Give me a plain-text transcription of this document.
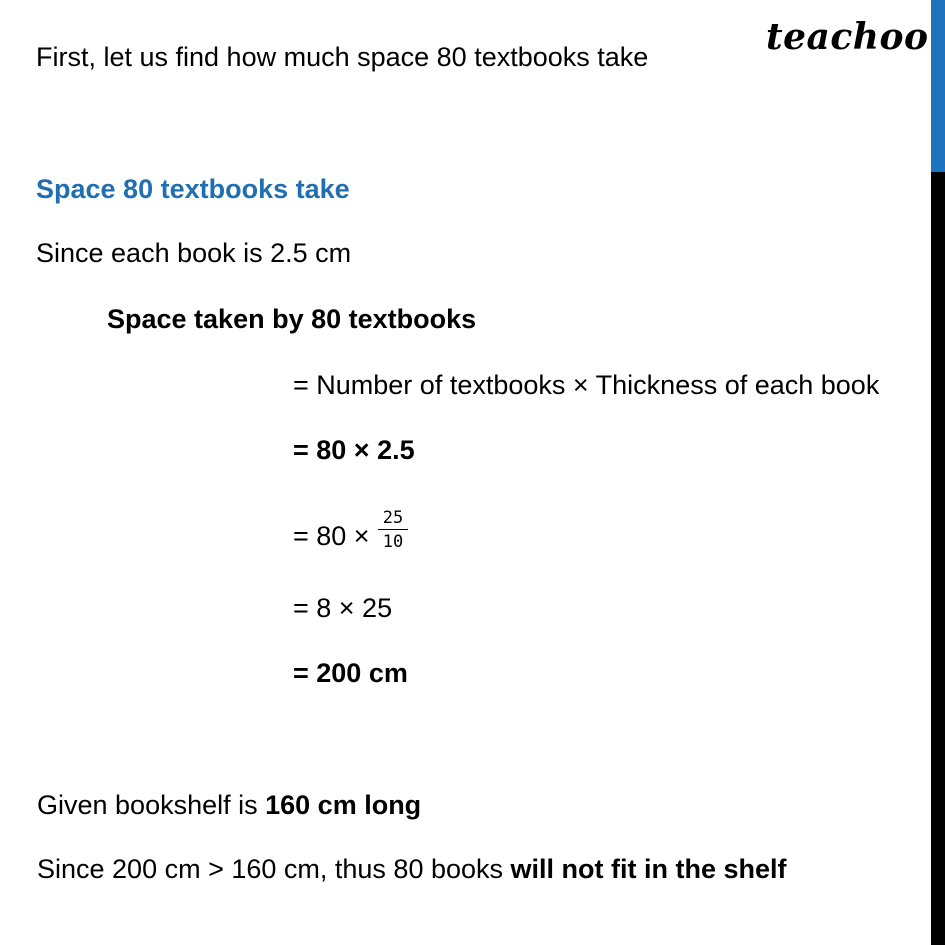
teachoo
First, let us find how much space 80 textbooks take
Space 80 textbooks take
Since each book is 2.5 cm
Space taken by 80 textbooks
= Number of textbooks × Thickness of each book
= 80 × 2.5
= $80 \times \frac{25}{10}$
= 8 × 25
= 200 cm
Given bookshelf is 160 cm long
Since 200 cm > 160 cm, thus 80 books will not fit in the shelf
